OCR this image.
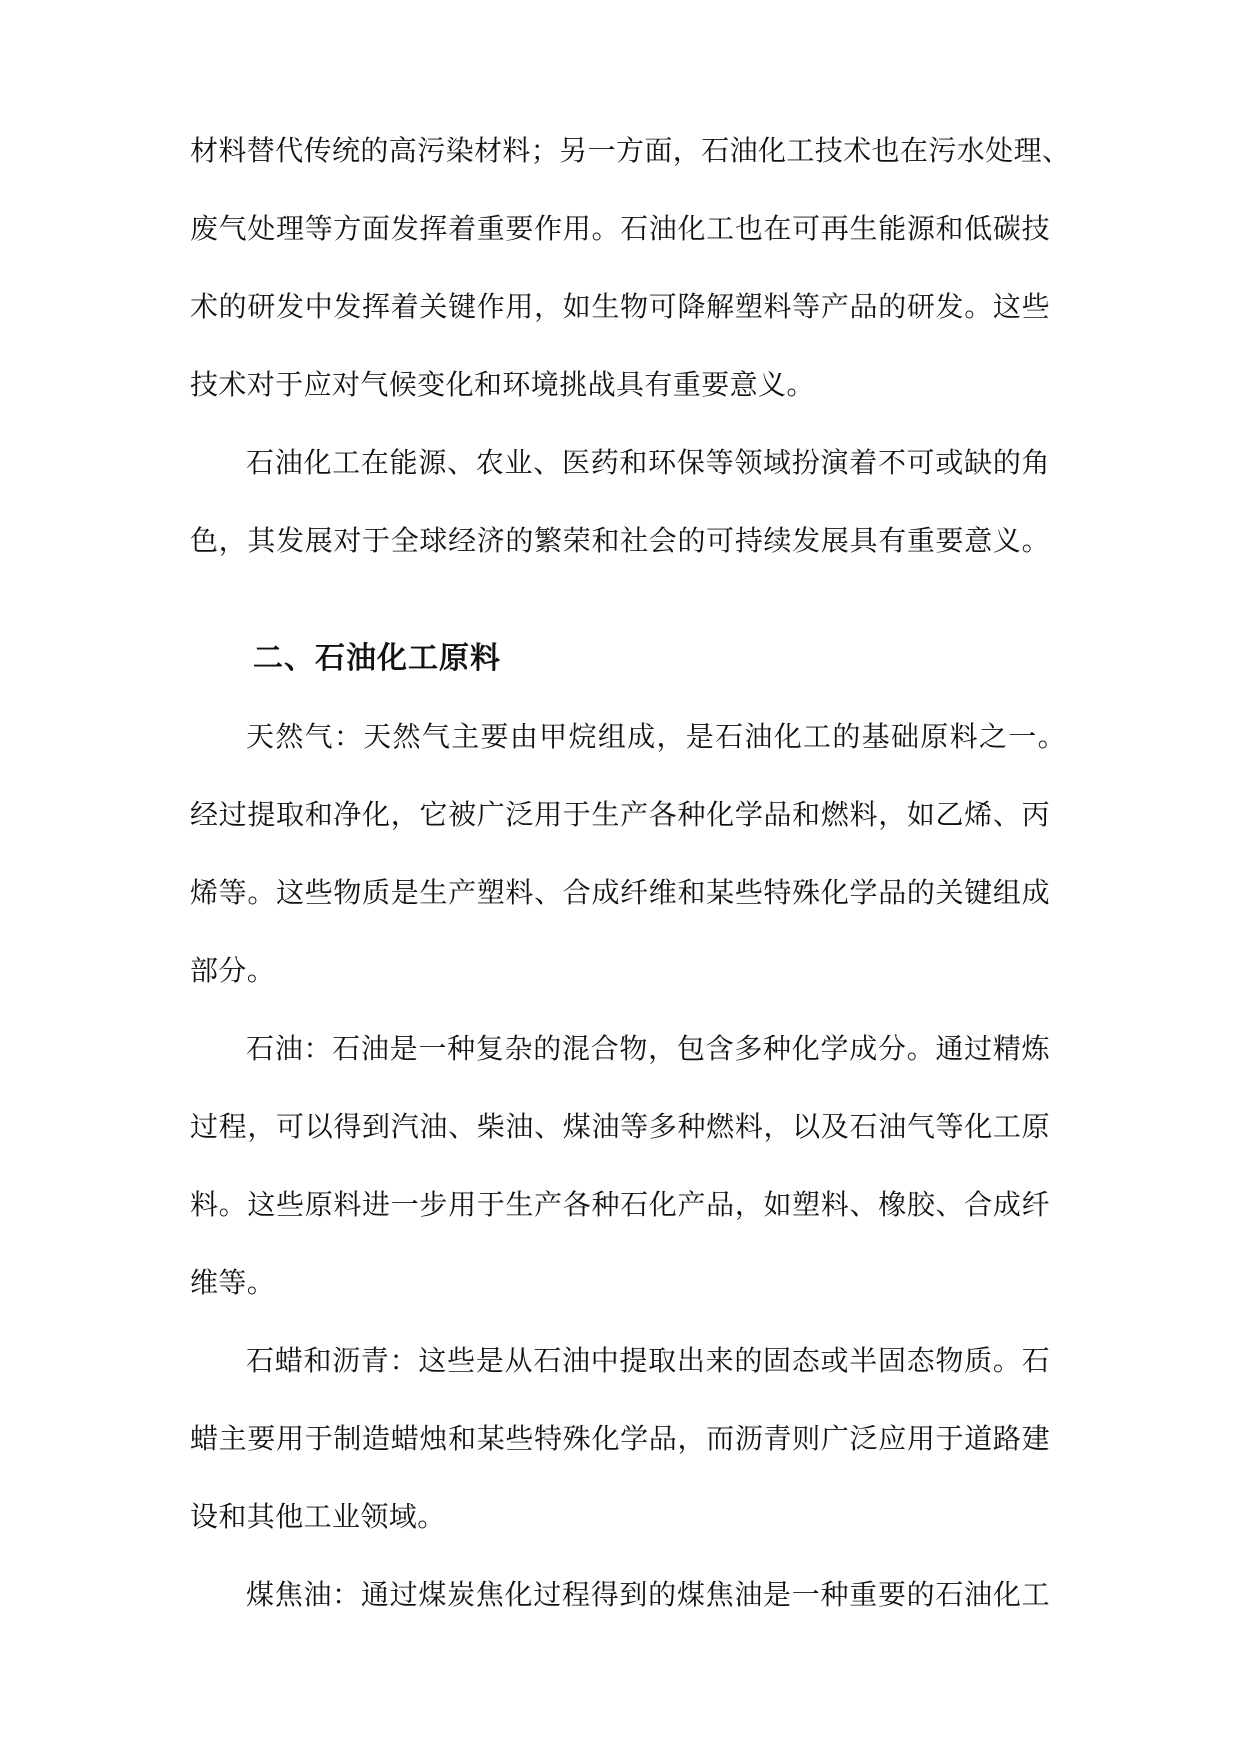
材料替代传统的高污染材料；另一方面，石油化工技术也在污水处理、
废气处理等方面发挥着重要作用。石油化工也在可再生能源和低碳技
术的研发中发挥着关键作用，如生物可降解塑料等产品的研发。这些
技术对于应对气候变化和环境挑战具有重要意义。
石油化工在能源、农业、医药和环保等领域扮演着不可或缺的角
色，其发展对于全球经济的繁荣和社会的可持续发展具有重要意义。
二、石油化工原料
天然气：天然气主要由甲烷组成，是石油化工的基础原料之一。
经过提取和净化，它被广泛用于生产各种化学品和燃料，如乙烯、丙
烯等。这些物质是生产塑料、合成纤维和某些特殊化学品的关键组成
部分。
石油：石油是一种复杂的混合物，包含多种化学成分。通过精炼
过程，可以得到汽油、柴油、煤油等多种燃料，以及石油气等化工原
料。这些原料进一步用于生产各种石化产品，如塑料、橡胶、合成纤
维等。
石蜡和沥青：这些是从石油中提取出来的固态或半固态物质。石
蜡主要用于制造蜡烛和某些特殊化学品，而沥青则广泛应用于道路建
设和其他工业领域。
煤焦油：通过煤炭焦化过程得到的煤焦油是一种重要的石油化工
